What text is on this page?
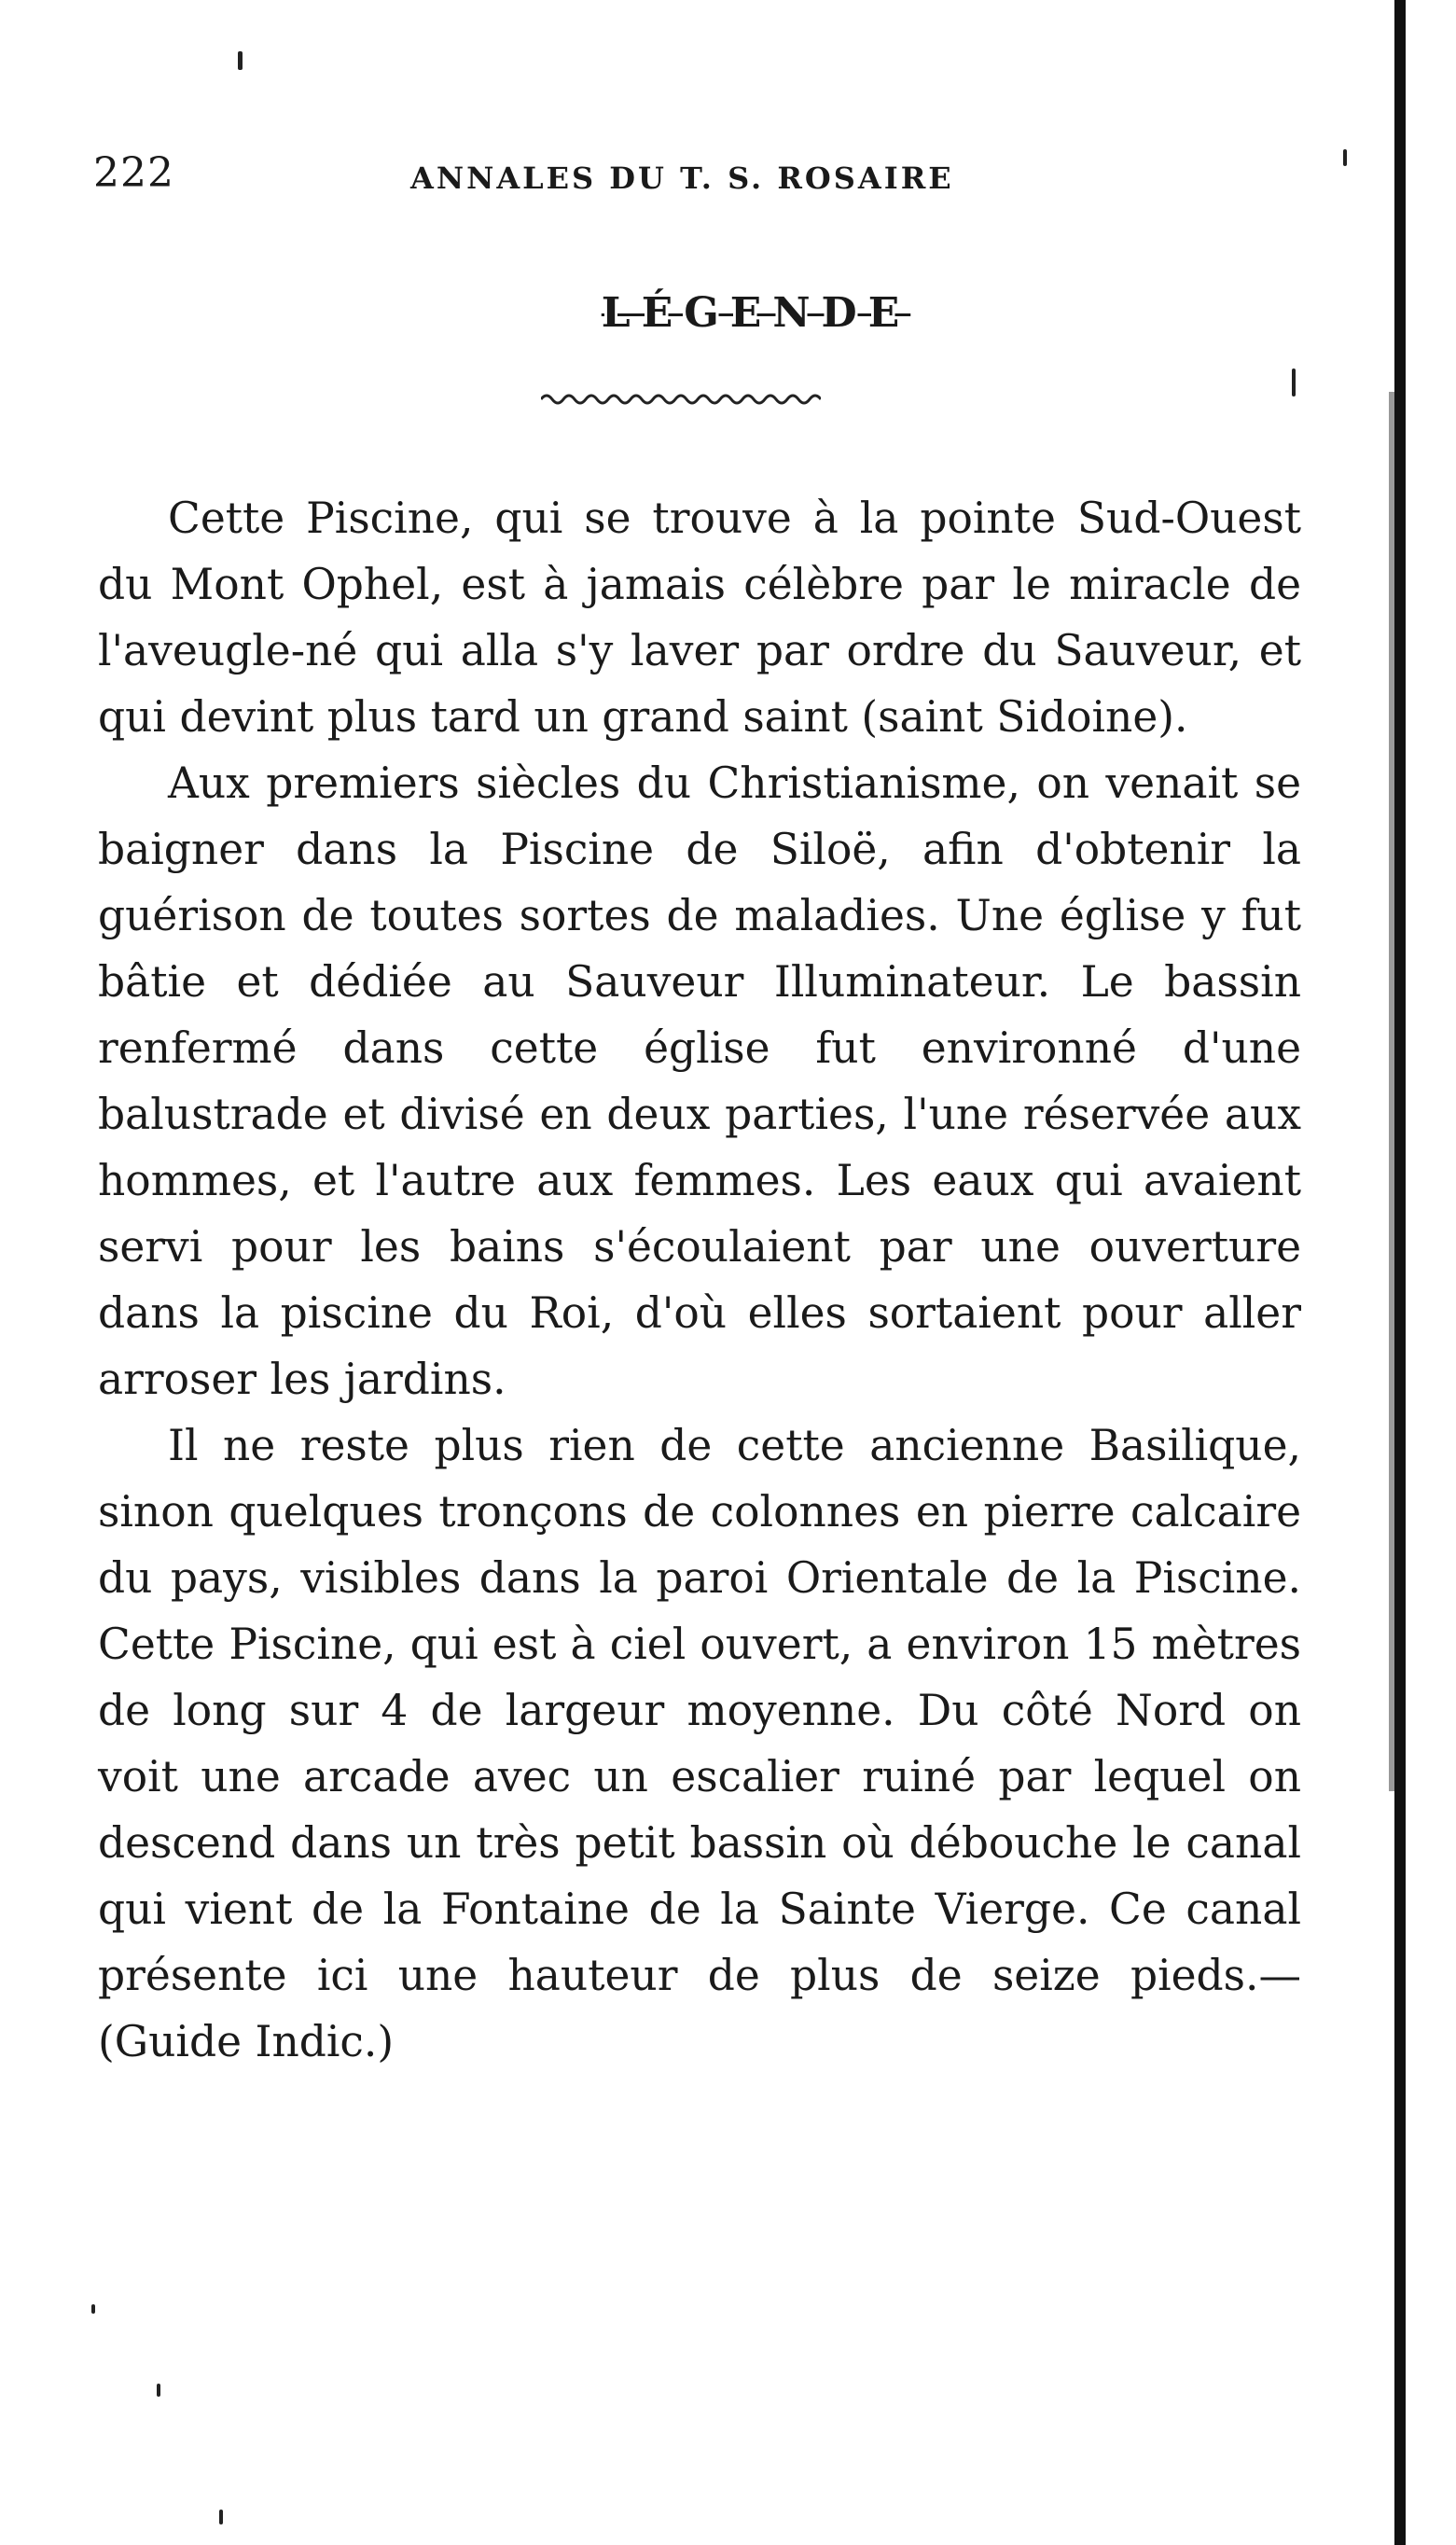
222	ANNALES DU T. S. ROSAIRE
LÉGENDE

Cette Piscine, qui se trouve à la pointe Sud-Ouest du Mont Ophel, est à jamais célèbre par le miracle de l'aveugle-né qui alla s'y laver par ordre du Sauveur, et qui devint plus tard un grand saint (saint Sidoine).

Aux premiers siècles du Christianisme, on venait se baigner dans la Piscine de Siloë, afin d'obtenir la guérison de toutes sortes de maladies. Une église y fut bâtie et dédiée au Sauveur Illuminateur. Le bassin renfermé dans cette église fut environné d'une balustrade et divisé en deux parties, l'une réservée aux hommes, et l'autre aux femmes. Les eaux qui avaient servi pour les bains s'écoulaient par une ouverture dans la piscine du Roi, d'où elles sortaient pour aller arroser les jardins.

Il ne reste plus rien de cette ancienne Basilique, sinon quelques tronçons de colonnes en pierre calcaire du pays, visibles dans la paroi Orientale de la Piscine. Cette Piscine, qui est à ciel ouvert, a environ 15 mètres de long sur 4 de largeur moyenne. Du côté Nord on voit une arcade avec un escalier ruiné par lequel on descend dans un très petit bassin où débouche le canal qui vient de la Fontaine de la Sainte Vierge. Ce canal présente ici une hauteur de plus de seize pieds.—(Guide Indic.)
